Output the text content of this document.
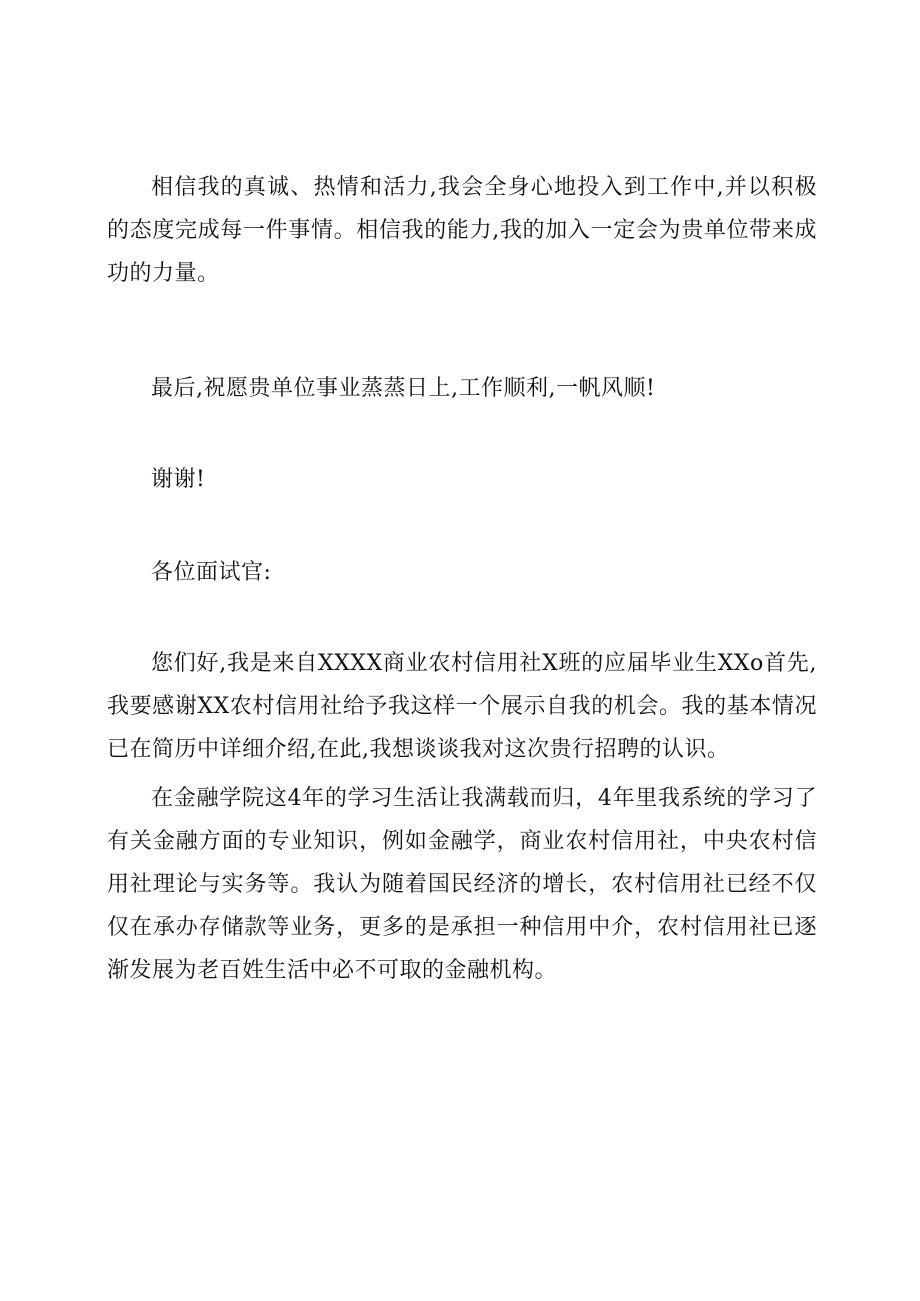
相信我的真诚、热情和活力,我会全身心地投入到工作中,并以积极的态度完成每一件事情。相信我的能力,我的加入一定会为贵单位带来成功的力量。

最后,祝愿贵单位事业蒸蒸日上,工作顺利,一帆风顺!

谢谢!

各位面试官:

您们好,我是来自XXXX商业农村信用社X班的应届毕业生XXo首先,我要感谢XX农村信用社给予我这样一个展示自我的机会。我的基本情况已在简历中详细介绍,在此,我想谈谈我对这次贵行招聘的认识。

在金融学院这4年的学习生活让我满载而归，4年里我系统的学习了有关金融方面的专业知识，例如金融学，商业农村信用社，中央农村信用社理论与实务等。我认为随着国民经济的增长，农村信用社已经不仅仅在承办存储款等业务，更多的是承担一种信用中介，农村信用社已逐渐发展为老百姓生活中必不可取的金融机构。
